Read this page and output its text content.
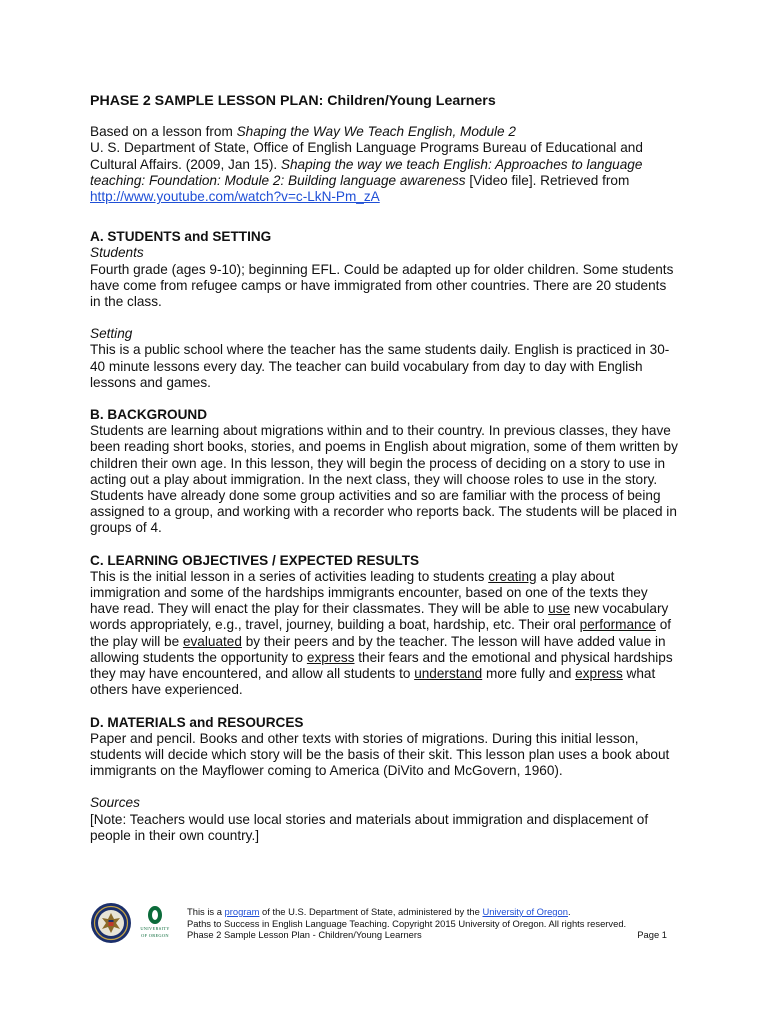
PHASE 2 SAMPLE LESSON PLAN: Children/Young Learners

Based on a lesson from Shaping the Way We Teach English, Module 2

U. S. Department of State, Office of English Language Programs Bureau of Educational and Cultural Affairs. (2009, Jan 15). Shaping the way we teach English: Approaches to language teaching: Foundation: Module 2: Building language awareness [Video file]. Retrieved from
http://www.youtube.com/watch?v=c-LkN-Pm_zA

A. STUDENTS and SETTING

Students

Fourth grade (ages 9-10); beginning EFL. Could be adapted up for older children. Some students have come from refugee camps or have immigrated from other countries. There are 20 students in the class.

Setting

This is a public school where the teacher has the same students daily. English is practiced in 30-40 minute lessons every day. The teacher can build vocabulary from day to day with English lessons and games.

B. BACKGROUND

Students are learning about migrations within and to their country. In previous classes, they have been reading short books, stories, and poems in English about migration, some of them written by children their own age. In this lesson, they will begin the process of deciding on a story to use in acting out a play about immigration. In the next class, they will choose roles to use in the story. Students have already done some group activities and so are familiar with the process of being assigned to a group, and working with a recorder who reports back. The students will be placed in groups of 4.

C. LEARNING OBJECTIVES / EXPECTED RESULTS

This is the initial lesson in a series of activities leading to students creating a play about immigration and some of the hardships immigrants encounter, based on one of the texts they have read. They will enact the play for their classmates. They will be able to use new vocabulary words appropriately, e.g., travel, journey, building a boat, hardship, etc. Their oral performance of the play will be evaluated by their peers and by the teacher. The lesson will have added value in allowing students the opportunity to express their fears and the emotional and physical hardships they may have encountered, and allow all students to understand more fully and express what others have experienced.

D. MATERIALS and RESOURCES

Paper and pencil. Books and other texts with stories of migrations. During this initial lesson, students will decide which story will be the basis of their skit. This lesson plan uses a book about immigrants on the Mayflower coming to America (DiVito and McGovern, 1960).

Sources

[Note: Teachers would use local stories and materials about immigration and displacement of people in their own country.]

UNIVERSITY
OF OREGON
This is a program of the U.S. Department of State, administered by the University of Oregon.
Paths to Success in English Language Teaching. Copyright 2015 University of Oregon. All rights reserved.
Phase 2 Sample Lesson Plan - Children/Young Learners	Page 1
